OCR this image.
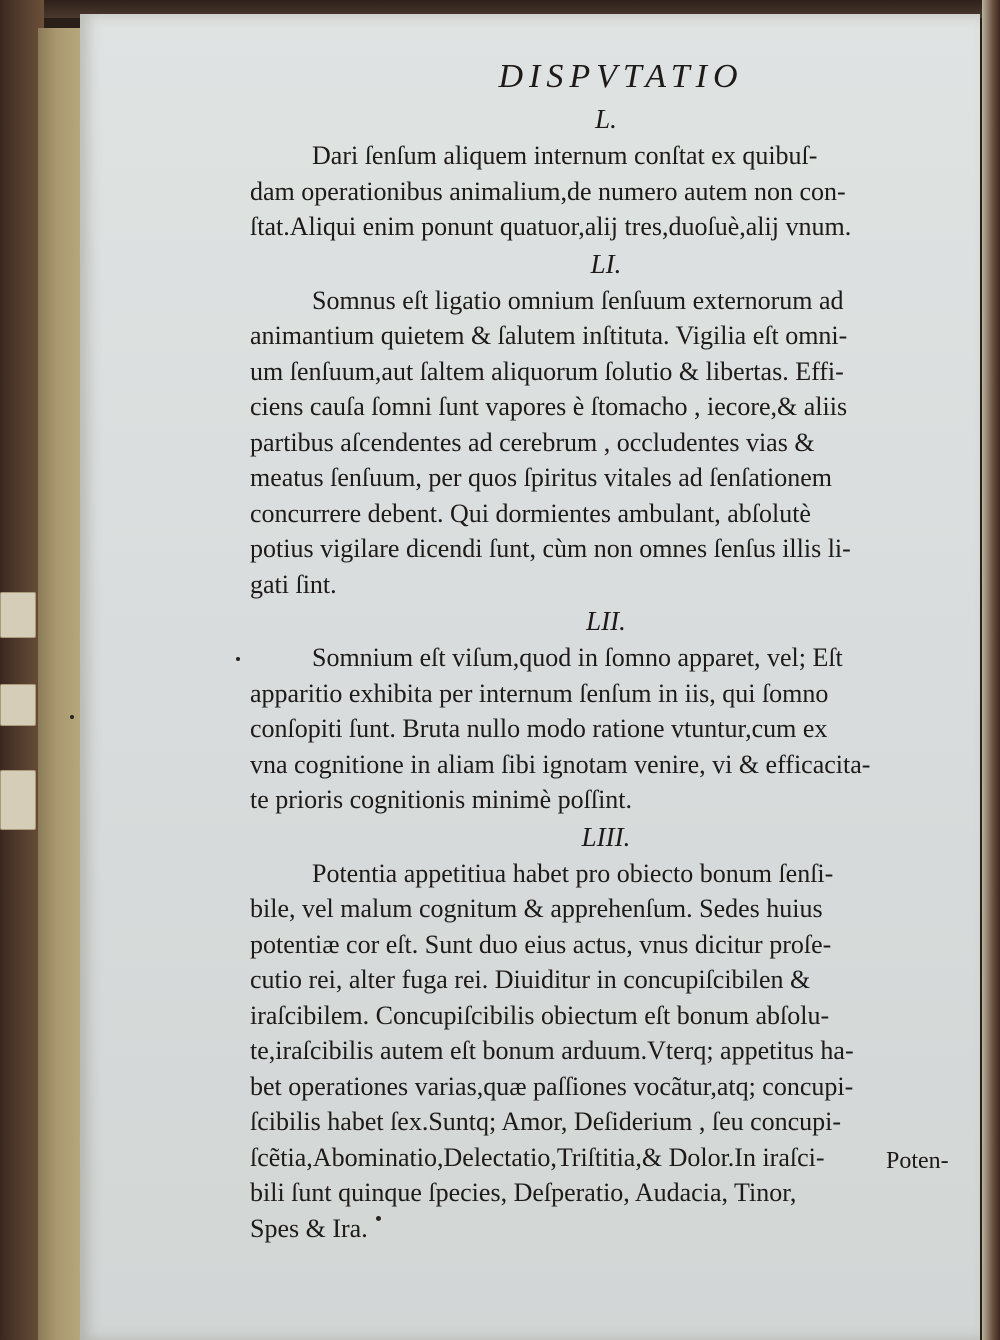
DISPVTATIO
L.
Dari ſenſum aliquem internum conſtat ex quibuſ-
dam operationibus animalium,de numero autem non con-
ſtat.Aliqui enim ponunt quatuor,alij tres,duoſuè,alij vnum.
LI.
Somnus eſt ligatio omnium ſenſuum externorum ad
animantium quietem & ſalutem inſtituta. Vigilia eſt omni-
um ſenſuum,aut ſaltem aliquorum ſolutio & libertas. Effi-
ciens cauſa ſomni ſunt vapores è ſtomacho , iecore,& aliis
partibus aſcendentes ad cerebrum , occludentes vias &
meatus ſenſuum, per quos ſpiritus vitales ad ſenſationem
concurrere debent. Qui dormientes ambulant, abſolutè
potius vigilare dicendi ſunt, cùm non omnes ſenſus illis li-
gati ſint.
LII.
Somnium eſt viſum,quod in ſomno apparet, vel; Eſt
apparitio exhibita per internum ſenſum in iis, qui ſomno
conſopiti ſunt. Bruta nullo modo ratione vtuntur,cum ex
vna cognitione in aliam ſibi ignotam venire, vi & efficacita-
te prioris cognitionis minimè poſſint.
LIII.
Potentia appetitiua habet pro obiecto bonum ſenſi-
bile, vel malum cognitum & apprehenſum. Sedes huius
potentiæ cor eſt. Sunt duo eius actus, vnus dicitur proſe-
cutio rei, alter fuga rei. Diuiditur in concupiſcibilen &
iraſcibilem. Concupiſcibilis obiectum eſt bonum abſolu-
te,iraſcibilis autem eſt bonum arduum.Vterq; appetitus ha-
bet operationes varias,quæ paſſiones vocãtur,atq; concupi-
ſcibilis habet ſex.Suntq; Amor, Deſiderium , ſeu concupi-
ſcẽtia,Abominatio,Delectatio,Triſtitia,& Dolor.In iraſci-
bili ſunt quinque ſpecies, Deſperatio, Audacia, Tinor,
Spes & Ira.
Poten-
